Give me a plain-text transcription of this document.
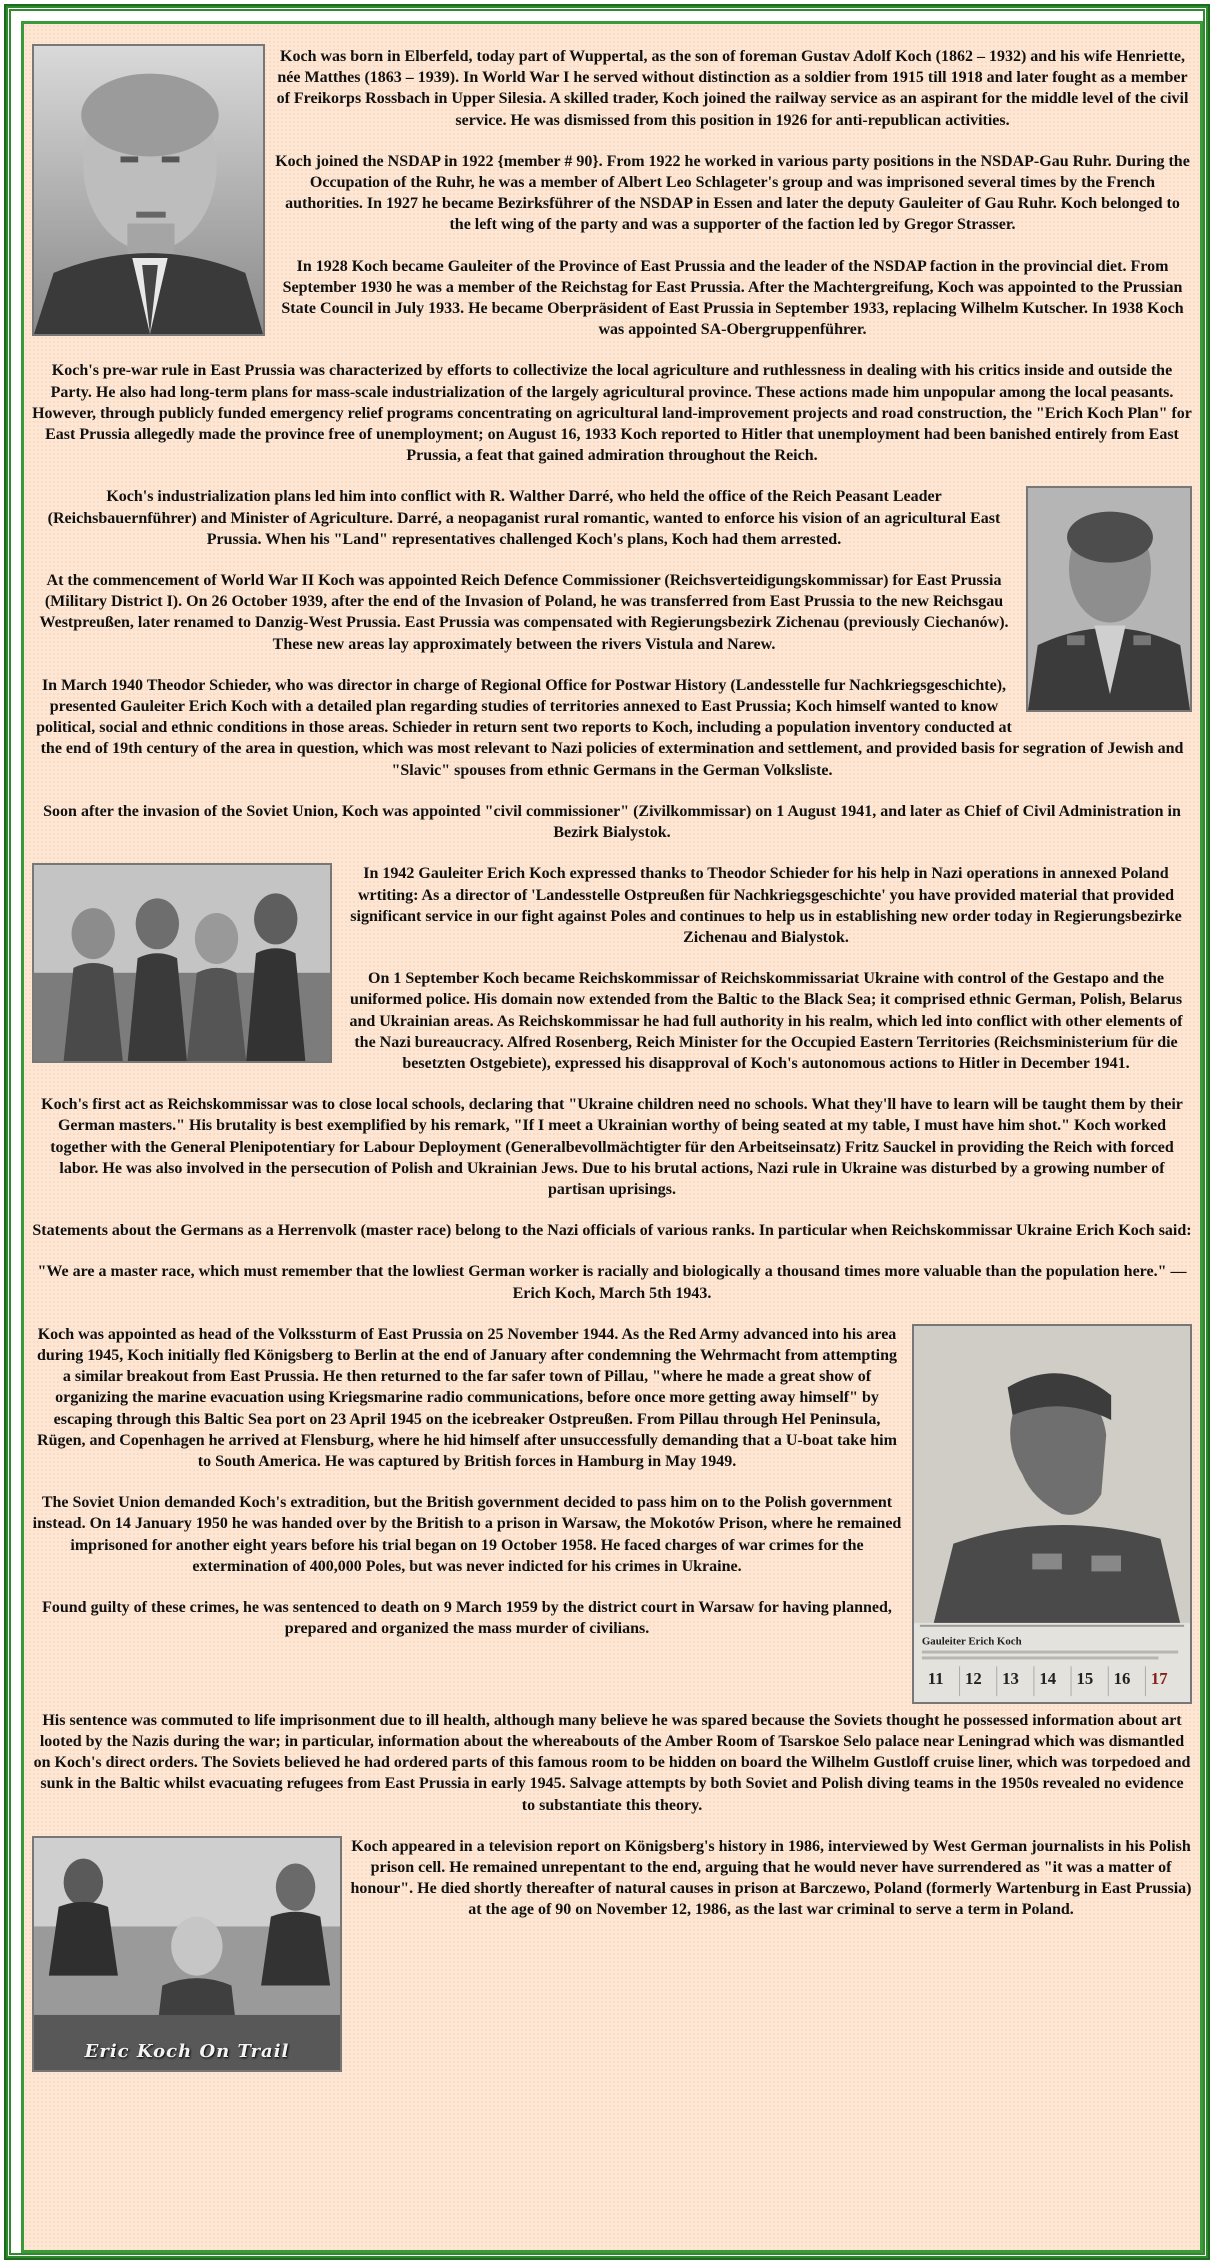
Koch was born in Elberfeld, today part of Wuppertal, as the son of foreman Gustav Adolf Koch (1862 – 1932) and his wife Henriette, née Matthes (1863 – 1939). In World War I he served without distinction as a soldier from 1915 till 1918 and later fought as a member of Freikorps Rossbach in Upper Silesia. A skilled trader, Koch joined the railway service as an aspirant for the middle level of the civil service. He was dismissed from this position in 1926 for anti-republican activities.

Koch joined the NSDAP in 1922 {member # 90}. From 1922 he worked in various party positions in the NSDAP-Gau Ruhr. During the Occupation of the Ruhr, he was a member of Albert Leo Schlageter's group and was imprisoned several times by the French authorities. In 1927 he became Bezirksführer of the NSDAP in Essen and later the deputy Gauleiter of Gau Ruhr. Koch belonged to the left wing of the party and was a supporter of the faction led by Gregor Strasser.

In 1928 Koch became Gauleiter of the Province of East Prussia and the leader of the NSDAP faction in the provincial diet. From September 1930 he was a member of the Reichstag for East Prussia. After the Machtergreifung, Koch was appointed to the Prussian State Council in July 1933. He became Oberpräsident of East Prussia in September 1933, replacing Wilhelm Kutscher. In 1938 Koch was appointed SA-Obergruppenführer.

Koch's pre-war rule in East Prussia was characterized by efforts to collectivize the local agriculture and ruthlessness in dealing with his critics inside and outside the Party. He also had long-term plans for mass-scale industrialization of the largely agricultural province. These actions made him unpopular among the local peasants. However, through publicly funded emergency relief programs concentrating on agricultural land-improvement projects and road construction, the "Erich Koch Plan" for East Prussia allegedly made the province free of unemployment; on August 16, 1933 Koch reported to Hitler that unemployment had been banished entirely from East Prussia, a feat that gained admiration throughout the Reich.

Koch's industrialization plans led him into conflict with R. Walther Darré, who held the office of the Reich Peasant Leader (Reichsbauernführer) and Minister of Agriculture. Darré, a neopaganist rural romantic, wanted to enforce his vision of an agricultural East Prussia. When his "Land" representatives challenged Koch's plans, Koch had them arrested.

At the commencement of World War II Koch was appointed Reich Defence Commissioner (Reichsverteidigungskommissar) for East Prussia (Military District I). On 26 October 1939, after the end of the Invasion of Poland, he was transferred from East Prussia to the new Reichsgau Westpreußen, later renamed to Danzig-West Prussia. East Prussia was compensated with Regierungsbezirk Zichenau (previously Ciechanów). These new areas lay approximately between the rivers Vistula and Narew.

In March 1940 Theodor Schieder, who was director in charge of Regional Office for Postwar History (Landesstelle fur Nachkriegsgeschichte), presented Gauleiter Erich Koch with a detailed plan regarding studies of territories annexed to East Prussia; Koch himself wanted to know political, social and ethnic conditions in those areas. Schieder in return sent two reports to Koch, including a population inventory conducted at the end of 19th century of the area in question, which was most relevant to Nazi policies of extermination and settlement, and provided basis for segration of Jewish and "Slavic" spouses from ethnic Germans in the German Volksliste.

Soon after the invasion of the Soviet Union, Koch was appointed "civil commissioner" (Zivilkommissar) on 1 August 1941, and later as Chief of Civil Administration in Bezirk Bialystok.

In 1942 Gauleiter Erich Koch expressed thanks to Theodor Schieder for his help in Nazi operations in annexed Poland wrtiting: As a director of 'Landesstelle Ostpreußen für Nachkriegsgeschichte' you have provided material that provided significant service in our fight against Poles and continues to help us in establishing new order today in Regierungsbezirke Zichenau and Bialystok.

On 1 September Koch became Reichskommissar of Reichskommissariat Ukraine with control of the Gestapo and the uniformed police. His domain now extended from the Baltic to the Black Sea; it comprised ethnic German, Polish, Belarus and Ukrainian areas. As Reichskommissar he had full authority in his realm, which led into conflict with other elements of the Nazi bureaucracy. Alfred Rosenberg, Reich Minister for the Occupied Eastern Territories (Reichsministerium für die besetzten Ostgebiete), expressed his disapproval of Koch's autonomous actions to Hitler in December 1941.

Koch's first act as Reichskommissar was to close local schools, declaring that "Ukraine children need no schools. What they'll have to learn will be taught them by their German masters." His brutality is best exemplified by his remark, "If I meet a Ukrainian worthy of being seated at my table, I must have him shot." Koch worked together with the General Plenipotentiary for Labour Deployment (Generalbevollmächtigter für den Arbeitseinsatz) Fritz Sauckel in providing the Reich with forced labor. He was also involved in the persecution of Polish and Ukrainian Jews. Due to his brutal actions, Nazi rule in Ukraine was disturbed by a growing number of partisan uprisings.

Statements about the Germans as a Herrenvolk (master race) belong to the Nazi officials of various ranks. In particular when Reichskommissar Ukraine Erich Koch said:

"We are a master race, which must remember that the lowliest German worker is racially and biologically a thousand times more valuable than the population here." — Erich Koch, March 5th 1943.

Gauleiter Erich Koch
11 12 13 14 15 16 17

Koch was appointed as head of the Volkssturm of East Prussia on 25 November 1944. As the Red Army advanced into his area during 1945, Koch initially fled Königsberg to Berlin at the end of January after condemning the Wehrmacht from attempting a similar breakout from East Prussia. He then returned to the far safer town of Pillau, "where he made a great show of organizing the marine evacuation using Kriegsmarine radio communications, before once more getting away himself" by escaping through this Baltic Sea port on 23 April 1945 on the icebreaker Ostpreußen. From Pillau through Hel Peninsula, Rügen, and Copenhagen he arrived at Flensburg, where he hid himself after unsuccessfully demanding that a U-boat take him to South America. He was captured by British forces in Hamburg in May 1949.

The Soviet Union demanded Koch's extradition, but the British government decided to pass him on to the Polish government instead. On 14 January 1950 he was handed over by the British to a prison in Warsaw, the Mokotów Prison, where he remained imprisoned for another eight years before his trial began on 19 October 1958. He faced charges of war crimes for the extermination of 400,000 Poles, but was never indicted for his crimes in Ukraine.

Found guilty of these crimes, he was sentenced to death on 9 March 1959 by the district court in Warsaw for having planned, prepared and organized the mass murder of civilians.

His sentence was commuted to life imprisonment due to ill health, although many believe he was spared because the Soviets thought he possessed information about art looted by the Nazis during the war; in particular, information about the whereabouts of the Amber Room of Tsarskoe Selo palace near Leningrad which was dismantled on Koch's direct orders. The Soviets believed he had ordered parts of this famous room to be hidden on board the Wilhelm Gustloff cruise liner, which was torpedoed and sunk in the Baltic whilst evacuating refugees from East Prussia in early 1945. Salvage attempts by both Soviet and Polish diving teams in the 1950s revealed no evidence to substantiate this theory.

Eric Koch On Trail

Koch appeared in a television report on Königsberg's history in 1986, interviewed by West German journalists in his Polish prison cell. He remained unrepentant to the end, arguing that he would never have surrendered as "it was a matter of honour". He died shortly thereafter of natural causes in prison at Barczewo, Poland (formerly Wartenburg in East Prussia) at the age of 90 on November 12, 1986, as the last war criminal to serve a term in Poland.
